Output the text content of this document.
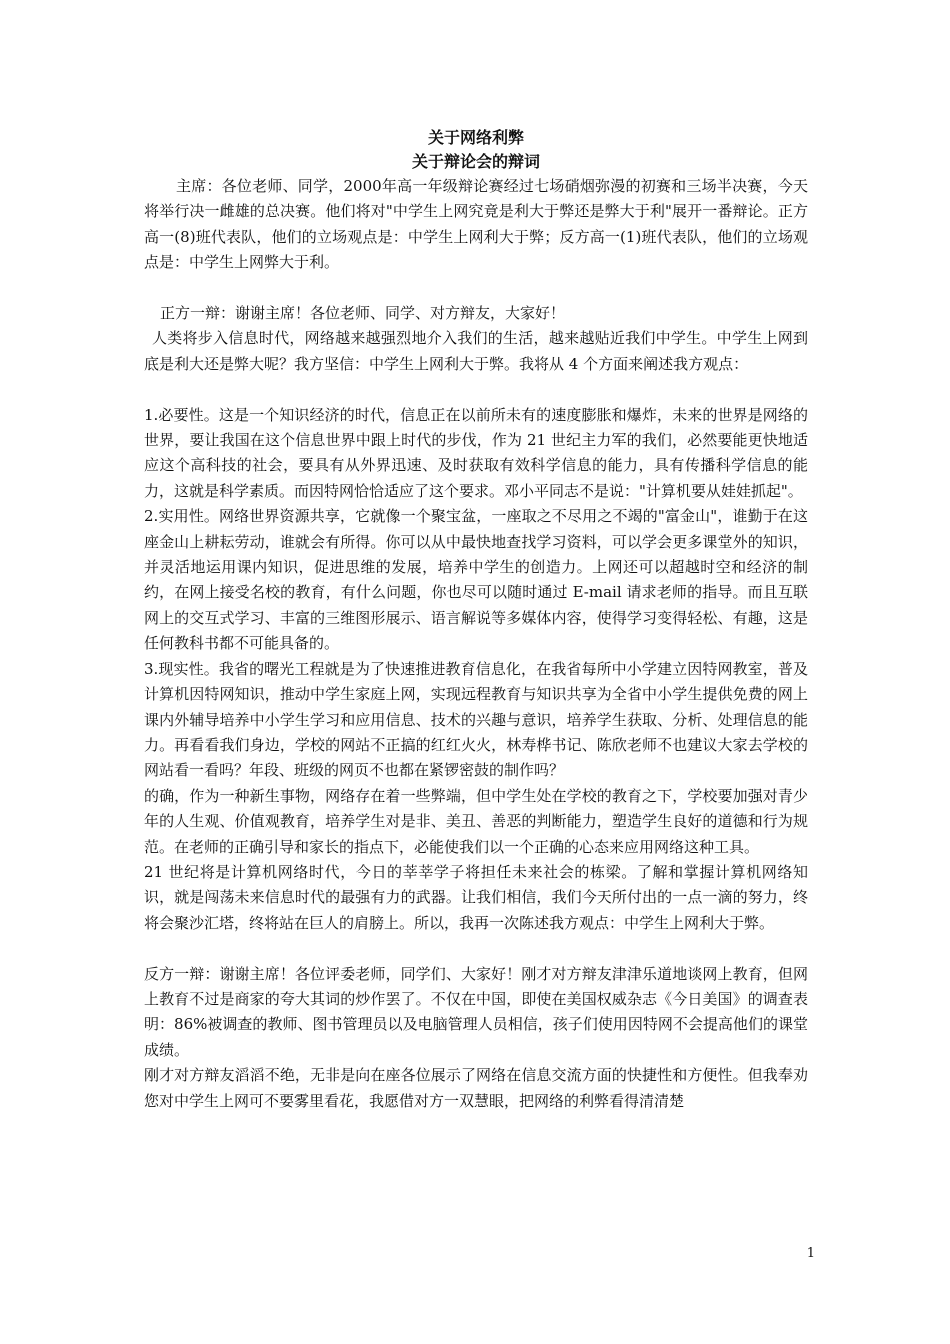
关于网络利弊

关于辩论会的辩词

主席：各位老师、同学，2000年高一年级辩论赛经过七场硝烟弥漫的初赛和三场半决赛，今天将举行决一雌雄的总决赛。他们将对"中学生上网究竟是利大于弊还是弊大于利"展开一番辩论。正方高一(8)班代表队，他们的立场观点是：中学生上网利大于弊；反方高一(1)班代表队，他们的立场观点是：中学生上网弊大于利。

正方一辩：谢谢主席！各位老师、同学、对方辩友，大家好！

人类将步入信息时代，网络越来越强烈地介入我们的生活，越来越贴近我们中学生。中学生上网到底是利大还是弊大呢？我方坚信：中学生上网利大于弊。我将从 4 个方面来阐述我方观点：

1.必要性。这是一个知识经济的时代，信息正在以前所未有的速度膨胀和爆炸，未来的世界是网络的世界，要让我国在这个信息世界中跟上时代的步伐，作为 21 世纪主力军的我们，必然要能更快地适应这个高科技的社会，要具有从外界迅速、及时获取有效科学信息的能力，具有传播科学信息的能力，这就是科学素质。而因特网恰恰适应了这个要求。邓小平同志不是说："计算机要从娃娃抓起"。

2.实用性。网络世界资源共享，它就像一个聚宝盆，一座取之不尽用之不竭的"富金山"，谁勤于在这座金山上耕耘劳动，谁就会有所得。你可以从中最快地查找学习资料，可以学会更多课堂外的知识，并灵活地运用课内知识，促进思维的发展，培养中学生的创造力。上网还可以超越时空和经济的制约，在网上接受名校的教育，有什么问题，你也尽可以随时通过 E-mail 请求老师的指导。而且互联网上的交互式学习、丰富的三维图形展示、语言解说等多媒体内容，使得学习变得轻松、有趣，这是任何教科书都不可能具备的。

3.现实性。我省的曙光工程就是为了快速推进教育信息化，在我省每所中小学建立因特网教室，普及计算机因特网知识，推动中学生家庭上网，实现远程教育与知识共享为全省中小学生提供免费的网上课内外辅导培养中小学生学习和应用信息、技术的兴趣与意识，培养学生获取、分析、处理信息的能力。再看看我们身边，学校的网站不正搞的红红火火，林寿桦书记、陈欣老师不也建议大家去学校的网站看一看吗？年段、班级的网页不也都在紧锣密鼓的制作吗？

的确，作为一种新生事物，网络存在着一些弊端，但中学生处在学校的教育之下，学校要加强对青少年的人生观、价值观教育，培养学生对是非、美丑、善恶的判断能力，塑造学生良好的道德和行为规范。在老师的正确引导和家长的指点下，必能使我们以一个正确的心态来应用网络这种工具。

21 世纪将是计算机网络时代，今日的莘莘学子将担任未来社会的栋梁。了解和掌握计算机网络知识，就是闯荡未来信息时代的最强有力的武器。让我们相信，我们今天所付出的一点一滴的努力，终将会聚沙汇塔，终将站在巨人的肩膀上。所以，我再一次陈述我方观点：中学生上网利大于弊。

反方一辩：谢谢主席！各位评委老师，同学们、大家好！刚才对方辩友津津乐道地谈网上教育，但网上教育不过是商家的夸大其词的炒作罢了。不仅在中国，即使在美国权威杂志《今日美国》的调查表明：86%被调查的教师、图书管理员以及电脑管理人员相信，孩子们使用因特网不会提高他们的课堂成绩。

刚才对方辩友滔滔不绝，无非是向在座各位展示了网络在信息交流方面的快捷性和方便性。但我奉劝您对中学生上网可不要雾里看花，我愿借对方一双慧眼，把网络的利弊看得清清楚

1
